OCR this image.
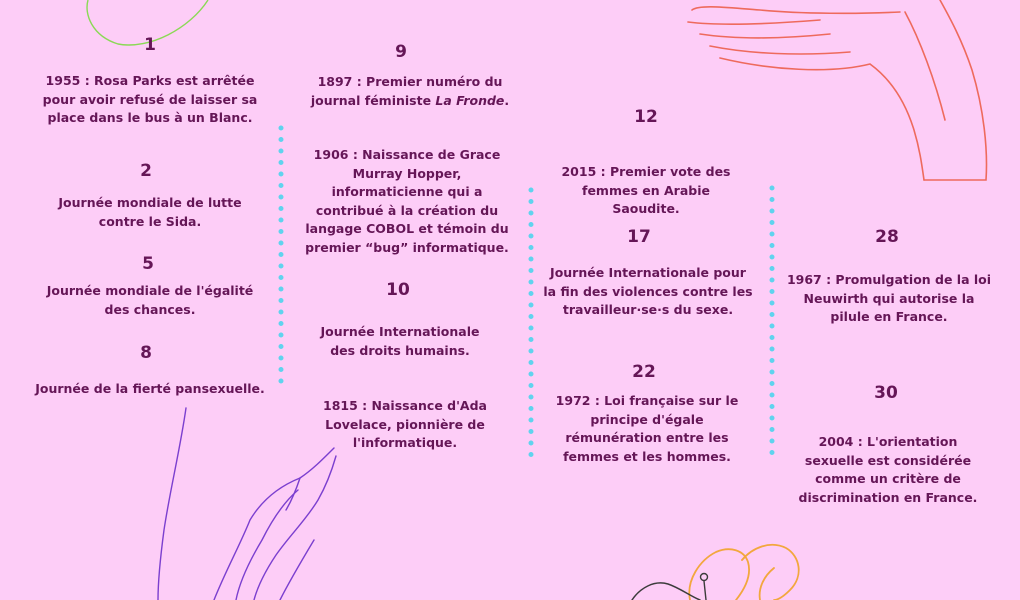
1
1955 : Rosa Parks est arrêtée pour avoir refusé de laisser sa place dans le bus à un Blanc.
2
Journée mondiale de lutte contre le Sida.
5
Journée mondiale de l'égalité des chances.
8
Journée de la fierté pansexuelle.
9
1897 : Premier numéro du journal féministe La Fronde.
1906 : Naissance de Grace Murray Hopper, informaticienne qui a contribué à la création du langage COBOL et témoin du premier “bug” informatique.
10
Journée Internationale des droits humains.
1815 : Naissance d'Ada Lovelace, pionnière de l'informatique.
12
2015 : Premier vote des femmes en Arabie Saoudite.
17
Journée Internationale pour la fin des violences contre les travailleur·se·s du sexe.
22
1972 : Loi française sur le principe d'égale rémunération entre les femmes et les hommes.
28
1967 : Promulgation de la loi Neuwirth qui autorise la pilule en France.
30
2004 : L'orientation sexuelle est considérée comme un critère de discrimination en France.
